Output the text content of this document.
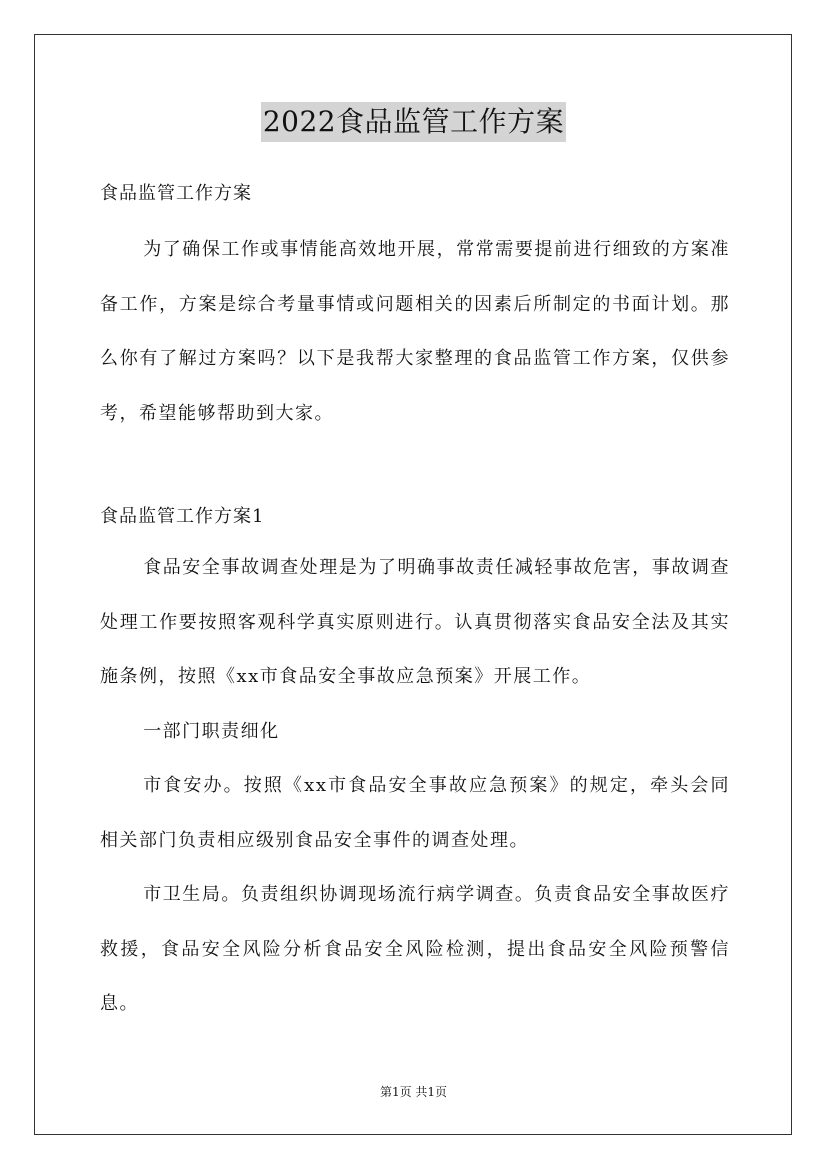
2022食品监管工作方案

食品监管工作方案

为了确保工作或事情能高效地开展，常常需要提前进行细致的方案准备工作，方案是综合考量事情或问题相关的因素后所制定的书面计划。那么你有了解过方案吗？以下是我帮大家整理的食品监管工作方案，仅供参考，希望能够帮助到大家。

食品监管工作方案1

食品安全事故调查处理是为了明确事故责任减轻事故危害，事故调查处理工作要按照客观科学真实原则进行。认真贯彻落实食品安全法及其实施条例，按照《xx市食品安全事故应急预案》开展工作。

一部门职责细化

市食安办。按照《xx市食品安全事故应急预案》的规定，牵头会同相关部门负责相应级别食品安全事件的调查处理。

市卫生局。负责组织协调现场流行病学调查。负责食品安全事故医疗救援，食品安全风险分析食品安全风险检测，提出食品安全风险预警信息。

第1页 共1页
